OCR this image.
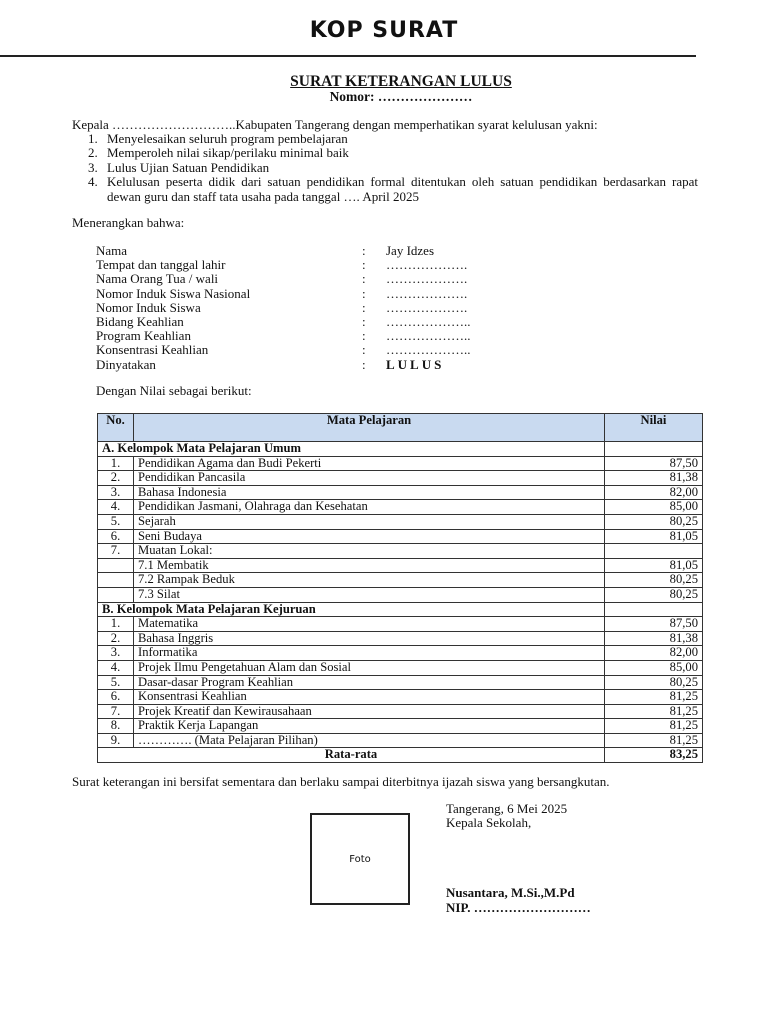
KOP SURAT
SURAT KETERANGAN LULUS
Nomor: …………………
Kepala ………………………..Kabupaten Tangerang dengan memperhatikan syarat kelulusan yakni:
1. Menyelesaikan seluruh program pembelajaran
2. Memperoleh nilai sikap/perilaku minimal baik
3. Lulus Ujian Satuan Pendidikan
4. Kelulusan peserta didik dari satuan pendidikan formal ditentukan oleh satuan pendidikan berdasarkan rapat dewan guru dan staff tata usaha pada tanggal …. April 2025
Menerangkan bahwa:
Nama	: Jay Idzes
Tempat dan tanggal lahir	: ……………….
Nama Orang Tua / wali	: ……………….
Nomor Induk Siswa Nasional	: ……………….
Nomor Induk Siswa	: ……………….
Bidang Keahlian	: ………………..
Program Keahlian	: ………………..
Konsentrasi Keahlian	: ………………..
Dinyatakan	: LULUS
Dengan Nilai sebagai berikut:
No.	Mata Pelajaran	Nilai
A. Kelompok Mata Pelajaran Umum		
1.	Pendidikan Agama dan Budi Pekerti	87,50
2.	Pendidikan Pancasila	81,38
3.	Bahasa Indonesia	82,00
4.	Pendidikan Jasmani, Olahraga dan Kesehatan	85,00
5.	Sejarah	80,25
6.	Seni Budaya	81,05
7.	Muatan Lokal:	
	7.1 Membatik	81,05
	7.2 Rampak Beduk	80,25
	7.3 Silat	80,25
B. Kelompok Mata Pelajaran Kejuruan		
1.	Matematika	87,50
2.	Bahasa Inggris	81,38
3.	Informatika	82,00
4.	Projek Ilmu Pengetahuan Alam dan Sosial	85,00
5.	Dasar-dasar Program Keahlian	80,25
6.	Konsentrasi Keahlian	81,25
7.	Projek Kreatif dan Kewirausahaan	81,25
8.	Praktik Kerja Lapangan	81,25
9.	…………. (Mata Pelajaran Pilihan)	81,25
Rata-rata		83,25
Surat keterangan ini bersifat sementara dan berlaku sampai diterbitnya ijazah siswa yang bersangkutan.
Foto
Tangerang, 6 Mei 2025
Kepala Sekolah,
Nusantara, M.Si.,M.Pd
NIP. ………………………
